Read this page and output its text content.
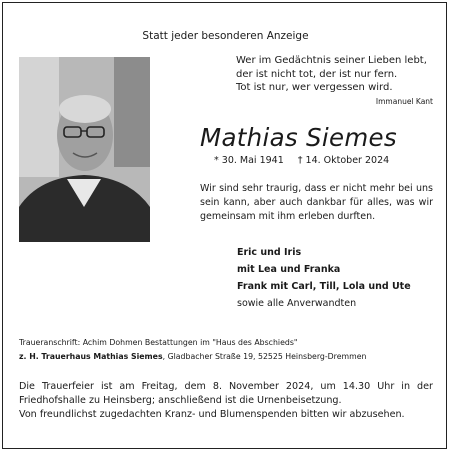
Statt jeder besonderen Anzeige
Wer im Gedächtnis seiner Lieben lebt,
der ist nicht tot, der ist nur fern.
Tot ist nur, wer vergessen wird.
Immanuel Kant
Mathias Siemes
* 30. Mai 1941 † 14. Oktober 2024
Wir sind sehr traurig, dass er nicht mehr bei uns sein kann, aber auch dankbar für alles, was wir gemeinsam mit ihm erleben durften.
Eric und Iris
mit Lea und Franka
Frank mit Carl, Till, Lola und Ute
sowie alle Anverwandten
Traueranschrift: Achim Dohmen Bestattungen im "Haus des Abschieds"
z. H. Trauerhaus Mathias Siemes, Gladbacher Straße 19, 52525 Heinsberg-Dremmen
Die Trauerfeier ist am Freitag, dem 8. November 2024, um 14.30 Uhr in der Friedhofshalle zu Heinsberg; anschließend ist die Urnenbeisetzung.
Von freundlichst zugedachten Kranz- und Blumenspenden bitten wir abzusehen.
